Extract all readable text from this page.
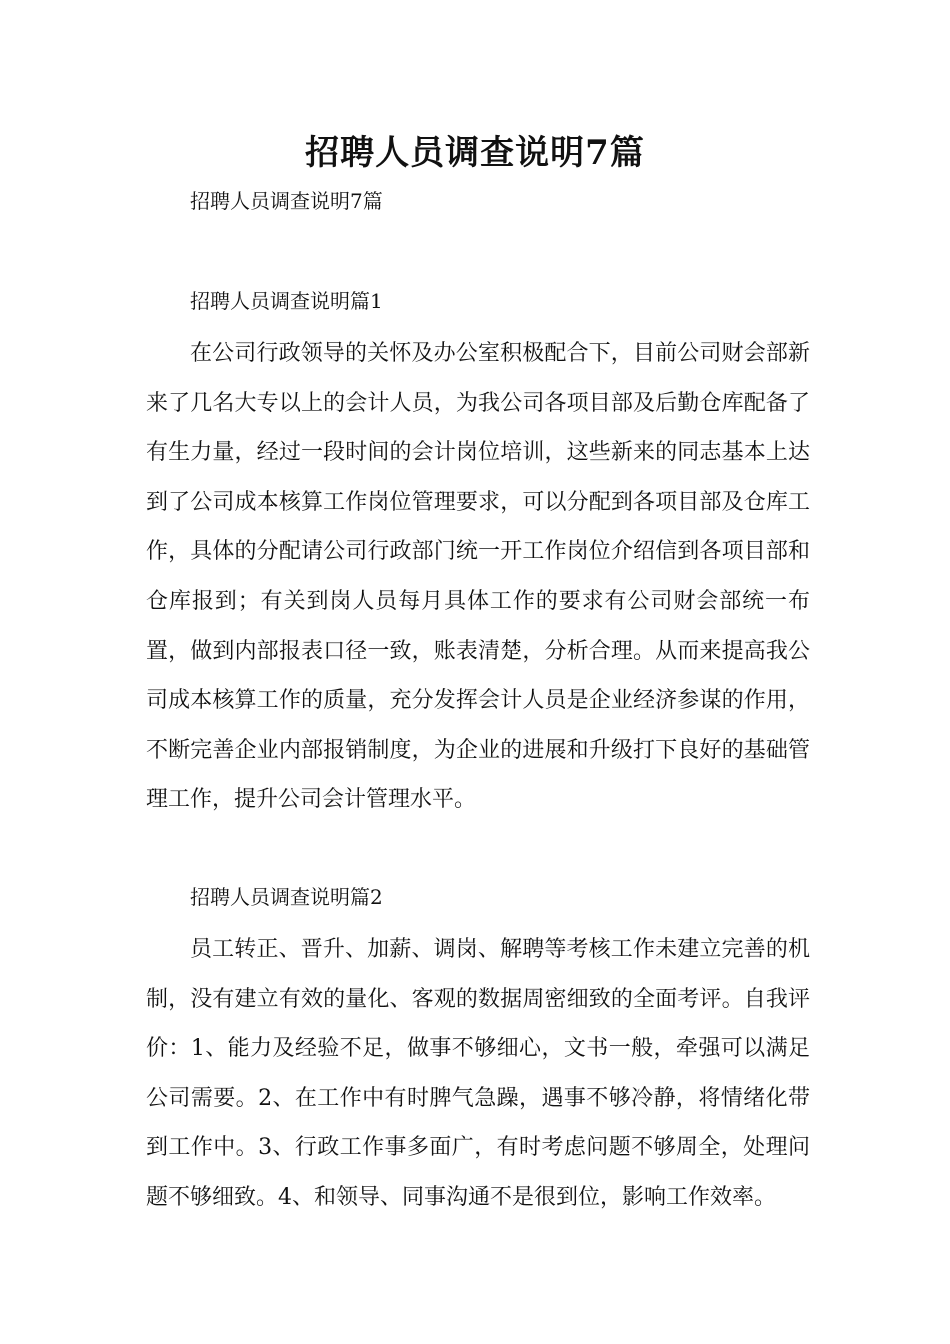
招聘人员调查说明7篇

招聘人员调查说明7篇

招聘人员调查说明篇1

在公司行政领导的关怀及办公室积极配合下，目前公司财会部新来了几名大专以上的会计人员，为我公司各项目部及后勤仓库配备了有生力量，经过一段时间的会计岗位培训，这些新来的同志基本上达到了公司成本核算工作岗位管理要求，可以分配到各项目部及仓库工作，具体的分配请公司行政部门统一开工作岗位介绍信到各项目部和仓库报到；有关到岗人员每月具体工作的要求有公司财会部统一布置，做到内部报表口径一致，账表清楚，分析合理。从而来提高我公司成本核算工作的质量，充分发挥会计人员是企业经济参谋的作用，不断完善企业内部报销制度，为企业的进展和升级打下良好的基础管理工作，提升公司会计管理水平。

招聘人员调查说明篇2

员工转正、晋升、加薪、调岗、解聘等考核工作未建立完善的机制，没有建立有效的量化、客观的数据周密细致的全面考评。自我评价：1、能力及经验不足，做事不够细心，文书一般，牵强可以满足公司需要。2、在工作中有时脾气急躁，遇事不够冷静，将情绪化带到工作中。3、行政工作事多面广，有时考虑问题不够周全，处理问题不够细致。4、和领导、同事沟通不是很到位，影响工作效率。
